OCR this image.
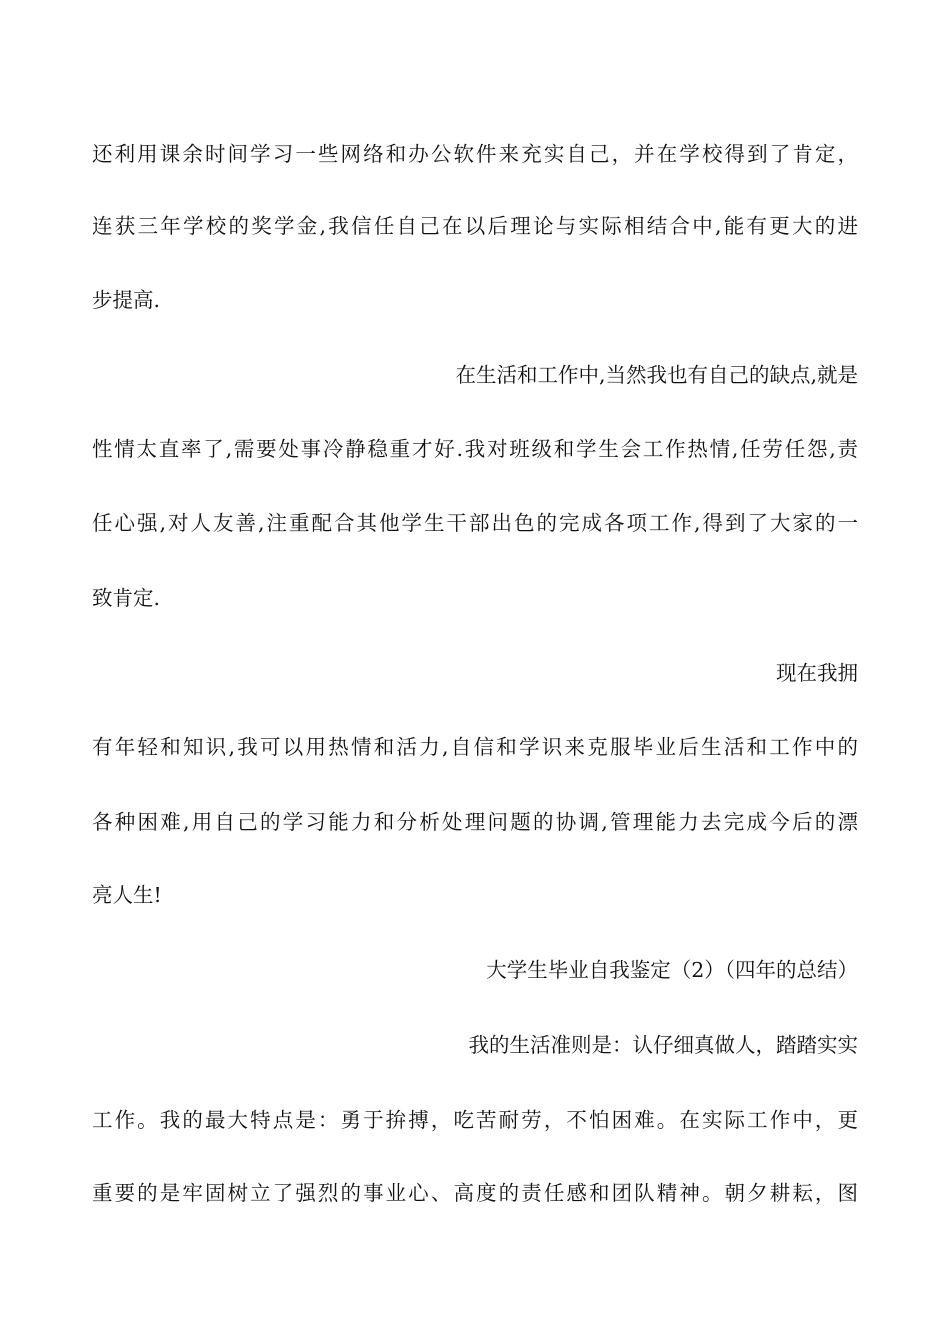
还利用课余时间学习一些网络和办公软件来充实自己，并在学校得到了肯定，
连获三年学校的奖学金,我信任自己在以后理论与实际相结合中,能有更大的进
步提高.
在生活和工作中,当然我也有自己的缺点,就是
性情太直率了,需要处事冷静稳重才好.我对班级和学生会工作热情,任劳任怨,责
任心强,对人友善,注重配合其他学生干部出色的完成各项工作,得到了大家的一
致肯定.
现在我拥
有年轻和知识,我可以用热情和活力,自信和学识来克服毕业后生活和工作中的
各种困难,用自己的学习能力和分析处理问题的协调,管理能力去完成今后的漂
亮人生!
大学生毕业自我鉴定（2）（四年的总结）
我的生活准则是：认仔细真做人，踏踏实实
工作。我的最大特点是：勇于拚搏，吃苦耐劳，不怕困难。在实际工作中，更
重要的是牢固树立了强烈的事业心、高度的责任感和团队精神。朝夕耕耘，图
